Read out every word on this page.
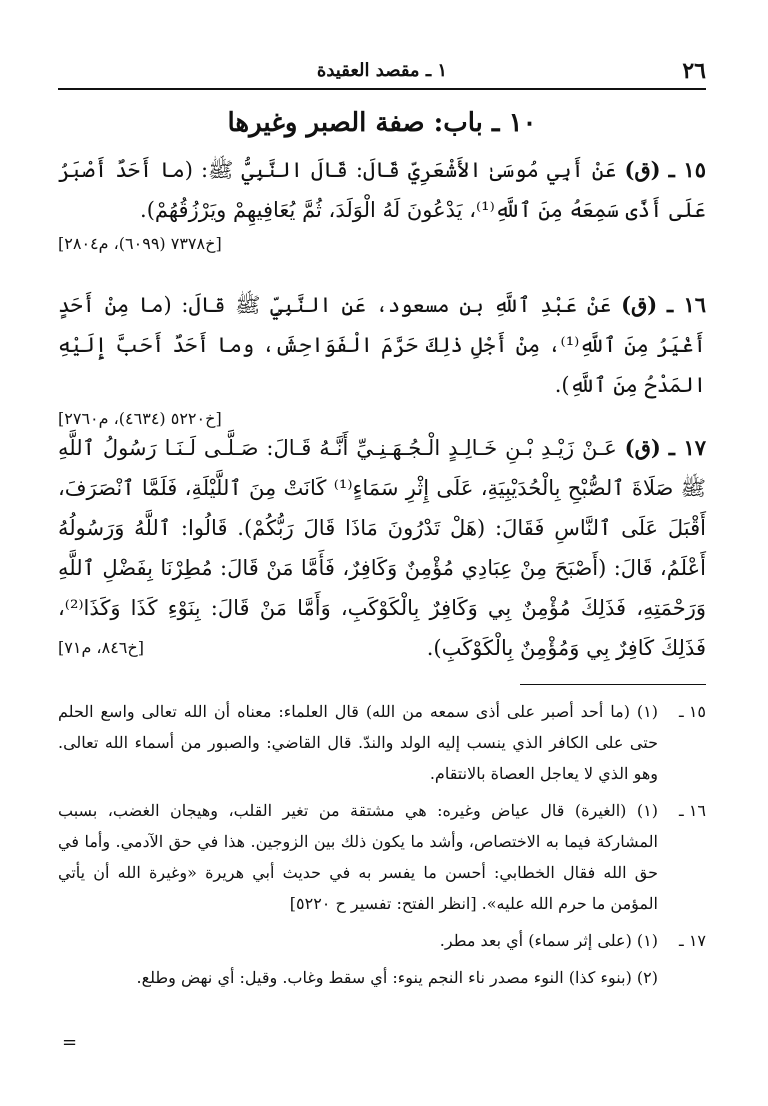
٢٦
١ ـ مقصد العقيدة
١٠ ـ باب: صفة الصبر وغيرها
١٥ ـ (ق) عَنْ أَبِي مُوسَىٰ الأَشْعَرِيِّ قَالَ: قَالَ النَّبِيُّ ﷺ: (ما أَحَدٌ أَصْبَرُ عَلَى أَذًى سَمِعَهُ مِنَ ٱللَّهِ⁽¹⁾، يَدْعُونَ لَهُ الْوَلَدَ، ثُمَّ يُعَافِيهِمْ ويَرْزُقُهُمْ).
[خ٧٣٧٨ (٦٠٩٩)، م٢٨٠٤]
١٦ ـ (ق) عَنْ عَبْدِ ٱللَّهِ بن مسعود، عَنِ النَّبِيِّ ﷺ قالَ: (ما مِنْ أَحَدٍ أَغْيَرُ مِنَ ٱللَّهِ⁽¹⁾، مِنْ أَجْلِ ذٰلِكَ حَرَّمَ الْفَوَاحِشَ، وما أَحَدٌ أَحَبَّ إِلَيْهِ المَدْحُ مِنَ ٱللَّهِ).
[خ٥٢٢٠ (٤٦٣٤)، م٢٧٦٠]
١٧ ـ (ق) عَـنْ زَيْـدِ بْـنِ خَـالِـدٍ الْـجُـهَـنِـيِّ أَنَّـهُ قَـالَ: صَـلَّـى لَـنَـا رَسُولُ ٱللَّهِ ﷺ صَلَاةَ ٱلصُّبْحِ بِالْحُدَيْبِيَةِ، عَلَى إِثْرِ سَمَاءٍ⁽¹⁾ كَانَتْ مِنَ ٱللَّيْلَةِ، فَلَمَّا ٱنْصَرَفَ، أَقْبَلَ عَلَى ٱلنَّاسِ فَقَالَ: (هَلْ تَدْرُونَ مَاذَا قَالَ رَبُّكُمْ). قَالُوا: ٱللَّهُ وَرَسُولُهُ أَعْلَمُ، قَالَ: (أَصْبَحَ مِنْ عِبَادِي مُؤْمِنٌ وَكَافِرٌ، فَأَمَّا مَنْ قَالَ: مُطِرْنَا بِفَضْلِ ٱللَّهِ وَرَحْمَتِهِ، فَذَلِكَ مُؤْمِنٌ بِي وَكَافِرٌ بِالْكَوْكَبِ، وَأَمَّا مَنْ قَالَ: بِنَوْءِ كَذَا وَكَذَا⁽²⁾، فَذَلِكَ كَافِرٌ بِي وَمُؤْمِنٌ بِالْكَوْكَبِ).
[خ٨٤٦، م٧١]
١٥ ـ
(١) (ما أحد أصبر على أذى سمعه من الله) قال العلماء: معناه أن الله تعالى واسع الحلم حتى على الكافر الذي ينسب إليه الولد والندّ. قال القاضي: والصبور من أسماء الله تعالى. وهو الذي لا يعاجل العصاة بالانتقام.
١٦ ـ
(١) (الغيرة) قال عياض وغيره: هي مشتقة من تغير القلب، وهيجان الغضب، بسبب المشاركة فيما به الاختصاص، وأشد ما يكون ذلك بين الزوجين. هذا في حق الآدمي. وأما في حق الله فقال الخطابي: أحسن ما يفسر به في حديث أبي هريرة «وغيرة الله أن يأتي المؤمن ما حرم الله عليه». [انظر الفتح: تفسير ح ٥٢٢٠]
١٧ ـ
(١) (على إثر سماء) أي بعد مطر.
(٢) (بنوء كذا) النوء مصدر ناء النجم ينوء: أي سقط وغاب. وقيل: أي نهض وطلع.
=
